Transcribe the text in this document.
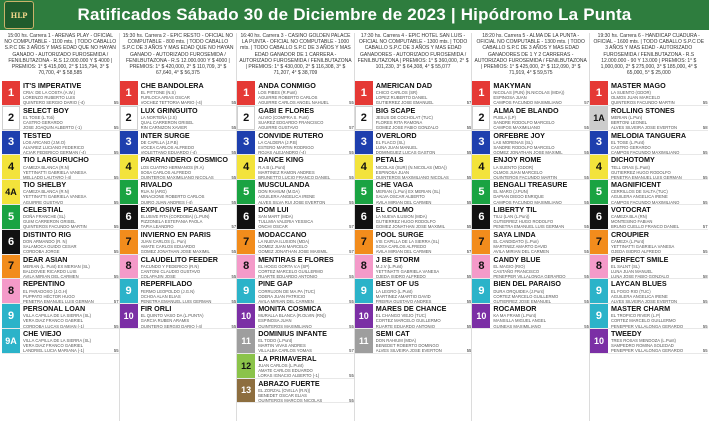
HLP	Ratificados Sábado 30 de Diciembre de 2023 | Hipódromo La Punta
15:00 hs. Carrera 1 - ARENAS PLAY - OFICIAL NO COMPUTABLE - 1100 mts. | TODO CABALLO S.P.C DE 3 AÑOS Y MAS EDAD QUE NO HAYAN GANADO - AUTORIZADO FUROSEMIDA / FENILBUTAZONA - R.S 12.000.000 Y $ 4000 | PREMIOS: 1° $ 415,000, 2° $ 115,794, 3° $ 70,700, 4° $ 58,585
1
IT'S IMPERATIVE
CRIA: DE LA COSTA (A.W.)
LORENZO RUBERTO LUIS
55
QUINTERO SERGIO DARIO (-4)
2
SELECT BOY
EL TOSE (L.Toti)
CASTRO GERARDO
55
JOSE JOAQUIN ALBERTO (-1)
3
TESTED
LOS ARCANO (J.M.O)
ALVAREZ LUCIANO FEDERICO
55
ACIAR FEDERICO GERMAN (-4)
4
TIO LARGURUCHO
CAMEZA BLANCA (R.N)
YETTINATTI GABRIELA VANESA
55
MELLADO LAUTARO (-4)
4A
TIO SHELBY
CAMEZA BLANCA (R.N)
YETTINATTI GABRIELA VANESA
55
AGUIRRE GUSTAVO
5
CELESTIAL
DOÑA FRANCHE (SL)
GUIM CARRERON GRISEL
55
QUINTEROS FACUNDO MARTIN
6
DISTINTO RIG
DON ARMANDO (R. N)
SALAMOCA GUIDO CESAR
55
CORDOBA JORGE
7
DEAR ASIAN
MERIAN (L. Punt) EX MERIAN (SL)
BALDOVEE RICARDO LUIS
55
AVILA MIRIAN DEL CARMEN
8
REPENTINO
EL PARADOXO (J.G.H)
PUPPATO HÉCTOR HUGO
57
PENETRA EMANUEL LUIS GERMAN
9
PERSONAL LOAN
VILLA CAPILLA DE LA SIERRA (SL)
VERA DIAZ FRANCO GABRIEL
55
CORDOBA LUCAS DAMIAN (-1)
9A
CHE VIEJO
VILLA CAPILLA DE LA SIERRA (SL)
VERA DIAZ FRANCO GABRIEL
55
LANDRIEL LUCIA MARIANA (-1)
15:30 hs. Carrera 2 - EPIC RESTO - OFICIAL NO COMPUTABLE - 800 mts. | TODO CABALLO S.P.C DE 3 AÑOS Y MAS EDAD QUE NO HAYAN GANADO - AUTORIZADO FUROSEMIDA / FENILBUTAZONA - R.S 12.000.000 Y $ 4000 | PREMIOS: 1° $ 420,000, 2° $ 110,709, 3° $ 67,640, 4° $ 56,375
1
CHE BANDOLERA
EL PITTONE (N.S)
FURLOCA ARIAS OSCAR
55
VOCHEZ TETTORIA MARIO (-4)
2
LUX GRINGUITO
LA NORTEÑA (J.S)
QUAL CARRERON GRISEL
55
RIN CARNIZON XAVIER
3
INTER SURGE
DE CAPILLA (J.P.B)
VOCEA CARLOS ALFREDO
55
VIOLETTANO EDUARDO (-4)
4
PARRANDERO COSMICO
LOS CUATRO HERMANOS (R.A)
SOSA CARLOS ALFREDO
55
QUINTEROS MAXIMILIANO NICOLAS
5
RIVALDO
RUA.N (ARG)
MINACIONE ROBERTO CARLOS
55
QUIRO JUAN ANDRES (-4)
6
EXPLOSIVE PEASANT
ELUSIVE FITA (CORDOBA) (L.PUN)
PIZZONELA ESTEFANIA PAOLA
57
TAPIA LEANDRO
7
INVIERNO EN PARIS
JUAN CARLOS (L. Pun)
AMATE CARLOS EDUARDO
55
GOMEZ JONATHAN JOSE MAXIMIL
8
CLAUDELITO FEEDER
FACUNDO Y FEDERICO (R.N)
CANTONI CLAUDIO GUSTAVO
55
COLAPAJIN JOSE
9
REPERFILADO
FERMO LEOPOLDO (J.G.N)
OCHOA ALAN ELIAS
55
PENETRA EMANUEL LUIS GERMAN
10
FIR ORLI
EL QUINTO VASO DA (L.PUNTA)
GARCIA RUBEN ARAMIS
55
QUINTERO SERGIO DARIO (-4)
16:40 hs. Carrera 3 - CASINO GOLDEN PALACE LA PUNTA - OFICIAL NO COMPUTABLE - 1000 mts. | TODO CABALLO S.P.C DE 3 AÑOS Y MAS EDAD GANADOR DE 1 CARRERA - AUTORIZADO FUROSEMIDA / FENILBUTAZONA | PREMIOS: 1° $ 430,000, 2° $ 116,308, 3° $ 71,207, 4° $ 38,709
1
ANDA CONMIGO
LOS PIBES (R.Punt)
AGUIRRE ROBERTO CARLOS
55
AGUIRRE CARLOS ANGEL NAHUEL
2
GABI E FLORES
ALIVIO (COMPRA S. Punt)
SUAREZ EDGARDO FRANCISCO
57
AGUIRRE GUSTAVO
3
CONVIDE RUTERO
LA CALDERA (J.P.B)
ESTERO MARTIN RODRIGO
55
ROJAS ALEJANDRO (-4)
4
DANCE KING
R.A.B (L.Punt)
MARTINEZ RAMON ANDRES
55
BRUNETTO LUCIO FRANCO DANIEL
5
MUSCULANDA
DON RAHIUM (M.DA)
AGUILERA ANGELICA IRENE
55
ALVES SILVA RUI JOSE EVERTON
6
DOM LUI
SAN MART (MDA)
TULLMIA VALERIA YESSICA
57
ONCHI OSCAR
7
MODACCANO
LA NUEVA ILUSION (MDA)
GOMEZ JUAN MARCELO
57
GOMEZ JONATHAN JOSE MAXIMIL
8
MENTIRAS E FLORES
EL HOGG GORTA V.A (SP)
CORTEZ MARCELO GUILLERMO
55
RUARTE EDUARDO ANTONIO
9
PINE GAP
CORRUJON DE MA.PA (TUC)
ODERA JUAN PATRICIO
55
AVILA MIRIAN DEL CARMEN
10
MONITA COSMICA
MURALLA BLANCA (R.OLVIN (RN))
ESPINOSA JUAN
55
QUINTEROS MAXIMILIANO
11
DOMINIUS INFANTE
EL TODO (L.Punt)
MARTIN VIVAS ANDRES
57
VILLALBA CARLOS YOMAS
12
LA PRIMAVERAL
JUAN CARLOS (L.Punt)
AMATE CARLOS EDUARDO
55
LORAS IGNACIO ALBERTO (-1)
13
ABRAZO FUERTE
EL ZORZAL (OVILLA (R.N))
BENEDET OSCAR ELIAS
55
QUINTEROS MARCOS NICOLAS
17:30 hs. Carrera 4 - EPIC HOTEL SAN LUIS - OFICIAL NO COMPUTABLE - 1300 mts. | TODO CABALLO S.P.C DE 3 AÑOS Y MAS EDAD GANADORES - AUTORIZADO FUROSEMIDA / FENILBUTAZONA | PREMIOS: 1° $ 360,000, 2° $ 101,230, 3° $ 64,308, 4° $ 55,077
1
AMERICAN DAD
CHICO CARLOS (SR)
LOPEZ RUBERTO DANIEL
57
GUTIERREZ JOSE EMANUEL
2
BIG SCAPE
JESUS DE COCHOLAT (TUC)
FLORES RITA RAMONA
55
GOMEZ JOSE FABIO GONZALO
3
OVERLORD
EL FLACO (SL)
LUNA JUAN MANUEL
55
DOMINGUEZ LUCAS GASTON
4
PETALS
NICOLAS (SUR) (N.NICOLAS (MDA))
ESPINOSA JUAN
55
QUINTEROS MAXIMILIANO NICOLAS
5
CHE VAGA
MERIAN (L.Pun) EX MERIAN (SL)
SALVA OSCAR ALBERTO
55
AVILA MIRIAN DEL CARMEN
6
EL COLMO
LA NUEVA ILUSION (MDA)
GUTIERREZ HUGO RODOLFO
55
GOMEZ JONATHAN JOSE MAXIMIL
7
POOL SURGE
VIS CAPILLA DE LA SIERRA (SL)
SOSA CARLOS ALFREDO
57
AVILA MIRIAN DEL CARMEN
8
J BE STORM
M.J.V (L.Punt)
YETTINATTI GABRIELA VANESA
55
OJEDA ISIDRO ALFREDO
9
BEST OF US
LA LEGRO (L.Punt)
MARTINEZ AMARTIO DAVID
55
FREIRIA GUSTAVO ANDRES
10
MARES DE CHANCE
EL CHANGO VIEJO (TUC)
CORTEZ MARCELO GUILLERMO
55
RUARTE EDUARDO ANTONIO
11
SEMI CAT
DON RAHIUM (MDA)
BENEDET ROBERTO DOMINGO
55
ALVES SILVEIRA JOSE EVERTON
18:20 hs. Carrera 5 - ALMA DE LA PUNTA - OFICIAL NO COMPUTABLE - 1300 mts. | TODO CABALLO S.P.C DE 3 AÑOS Y MAS EDAD GANADORES DE 1 Y 2 CARRERAS - AUTORIZADO FUROSEMIDA / FENILBUTAZONA | PREMIOS: 1° $ 425,000, 2° $ 112,090, 3° $ 71,919, 4° $ 59,575
1
MAKYMAN
NICOLAS (PUN) (N.NICOLAS (MDA))
ESPINOSA JUAN
57
CAMPOS FACUNDO MAXIMILIANO
2
ALMA DE BLANDO
PUBLA (LP)
SANDRE RODOLFO MARCELO
55
CAMPOS MAXIMILIANO
3
ORFEBRE JOY
LAS MORENAS (SL)
SANDRE RODOLFO MARCELO
55
GOMEZ JONATHAN JOSE MAXIMIL
4
ENJOY ROME
LA SUENTO (GDOR)
OLMOS JUAN MARCELO
55
QUINTEROS FACUNDO MARTIN
5
BENGALI TREASURE
EL MARO (J.PUN)
DAPIAN DIEGO ENRIQUE
55
CAMPOS FACUNDO MAXIMILIANO
6
LIBERTY TIL
TILU (LAN (L.Pun))
GUTIERREZ HUGO RODOLFO
55
PENETRA EMANUEL LUIS GERMAN
7
SAYA LINDA
EL CANDIDATO (L.Pun)
MARTINEZ AMARTO DAVID
55
AVILA MIRIAN DEL CARMEN
8
CANDY BLUE
EL MAGIO (RIO)
CASTAÑO FRANCISCO
55
PENEPPER VILLALONGA GERARDO
9
BIEN DEL PARAISO
DURA ORQUIDEA (J.Punt)
CORTEZ MARCELO GUILLERMO
55
GUTIERREZ JOSE EMANUEL
10
ROCAMBOR
KA MA FRAMI (L.Punt)
MANSILLA MIGUEL ANGEL
55
GUINEAS MAXIMILIANO
19:30 hs. Carrera 6 - HANDICAP CUADURA - OFICIAL - 1600 mts. | TODO CABALLO S.P.C DE 3 AÑOS Y MAS EDAD - AUTORIZADO FUROSEMIDA / FENILBUTAZONA - R.S 12.000.000 - 90 Y 13.000 | PREMIOS: 1° $ 1,000,000, 2° $ 275,000, 3° $ 185,000, 4° $ 65,000, 5° $ 25,000
1
MASTER MAGO
LA SUENTO (GDOR)
OLMOS JUAN MARCELO
55
QUINTEROS FACUNDO MARTIN
1A
ROLLING STONES
MERIAN (L.Pun)
BERTONI LEONEL
58
ALVES SILVEIRA JOSE EVERTON
3
MELODIA TANGUERA
EL TOSE (L.Punt)
CASTRO GERARDO
55
CAMPOS FACUNDO MAXIMILIANO
4
DICHOTOMY
TELL GRAS (L.Punt)
GUTIERREZ HUGO RODOLFO
55
PENETRA EMANUEL LUIS GERMAN
5
MAGNIFICENT
CERRILLOS DE SALTA (TUC)
AGUILERA ANGELICA IRENE
55
CAMPOS FACUNDO MAXIMILIANO
6
VOTOCRAT
CAMEZA BLA (RN)
MONTESINO FABIAN
57
BRUNO CUELLO FRANCO DANIEL
7
CROUPIER
CAMEZA (L.Punt)
YETTINATTI GABRIELA VANESA
55
OJEDA ISIDRO ALFREDO
8
PERFECT SMILE
EL SALNT (SL)
LUNA JUAN MANUEL
58
LUNA JOSE FABIO GONZALO
9
LAYCAN BLUES
EL FOGO RIO (TUC)
AGUILERA ANGELICA IRENE
55
ALVES SILVEIRA JOSE EVERTON
9
MASTER CHARM
EL TROPICO RIVER (L.P)
CORTEZ MARCELO GUILLERMO
55
PENEPPER VILLALONGA GERARDO
10
TWEEDY
TRES ROSAS MENDOZA (L.Punt)
SAMPEDRO ROMINA SOLEDAD
55
PENEPPER VILLALONGA GERARDO
